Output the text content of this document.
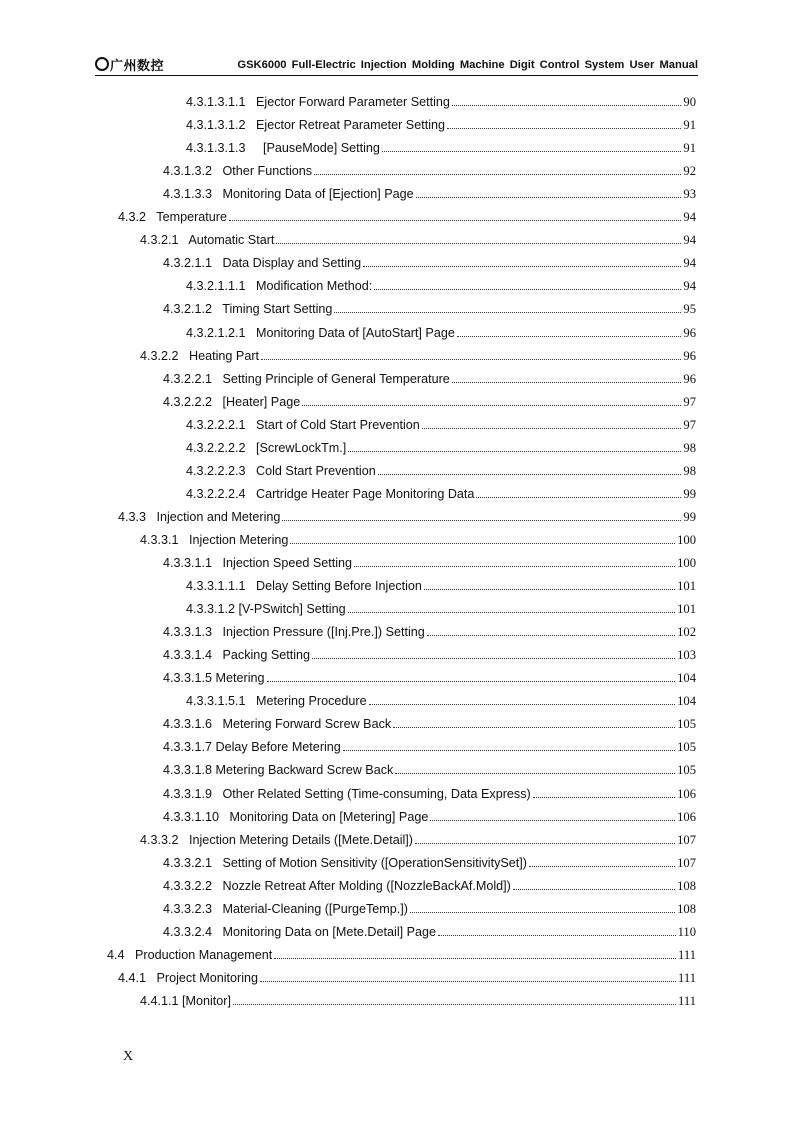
广州数控	GSK6000 Full-Electric Injection Molding Machine Digit Control System User Manual
4.3.1.3.1.1   Ejector Forward Parameter Setting	90
4.3.1.3.1.2   Ejector Retreat Parameter Setting	91
4.3.1.3.1.3     [PauseMode] Setting	91
4.3.1.3.2   Other Functions	92
4.3.1.3.3   Monitoring Data of [Ejection] Page	93
4.3.2   Temperature	94
4.3.2.1   Automatic Start	94
4.3.2.1.1   Data Display and Setting	94
4.3.2.1.1.1   Modification Method:	94
4.3.2.1.2   Timing Start Setting	95
4.3.2.1.2.1   Monitoring Data of [AutoStart] Page	96
4.3.2.2   Heating Part	96
4.3.2.2.1   Setting Principle of General Temperature	96
4.3.2.2.2   [Heater] Page	97
4.3.2.2.2.1   Start of Cold Start Prevention	97
4.3.2.2.2.2   [ScrewLockTm.]	98
4.3.2.2.2.3   Cold Start Prevention	98
4.3.2.2.2.4   Cartridge Heater Page Monitoring Data	99
4.3.3   Injection and Metering	99
4.3.3.1   Injection Metering	100
4.3.3.1.1   Injection Speed Setting	100
4.3.3.1.1.1   Delay Setting Before Injection	101
4.3.3.1.2 [V-PSwitch] Setting	101
4.3.3.1.3   Injection Pressure ([Inj.Pre.]) Setting	102
4.3.3.1.4   Packing Setting	103
4.3.3.1.5 Metering	104
4.3.3.1.5.1   Metering Procedure	104
4.3.3.1.6   Metering Forward Screw Back	105
4.3.3.1.7 Delay Before Metering	105
4.3.3.1.8 Metering Backward Screw Back	105
4.3.3.1.9   Other Related Setting (Time-consuming, Data Express)	106
4.3.3.1.10   Monitoring Data on [Metering] Page	106
4.3.3.2   Injection Metering Details ([Mete.Detail])	107
4.3.3.2.1   Setting of Motion Sensitivity ([OperationSensitivitySet])	107
4.3.3.2.2   Nozzle Retreat After Molding ([NozzleBackAf.Mold])	108
4.3.3.2.3   Material-Cleaning ([PurgeTemp.])	108
4.3.3.2.4   Monitoring Data on [Mete.Detail] Page	110
4.4   Production Management	111
4.4.1   Project Monitoring	111
4.4.1.1 [Monitor]	111
X
